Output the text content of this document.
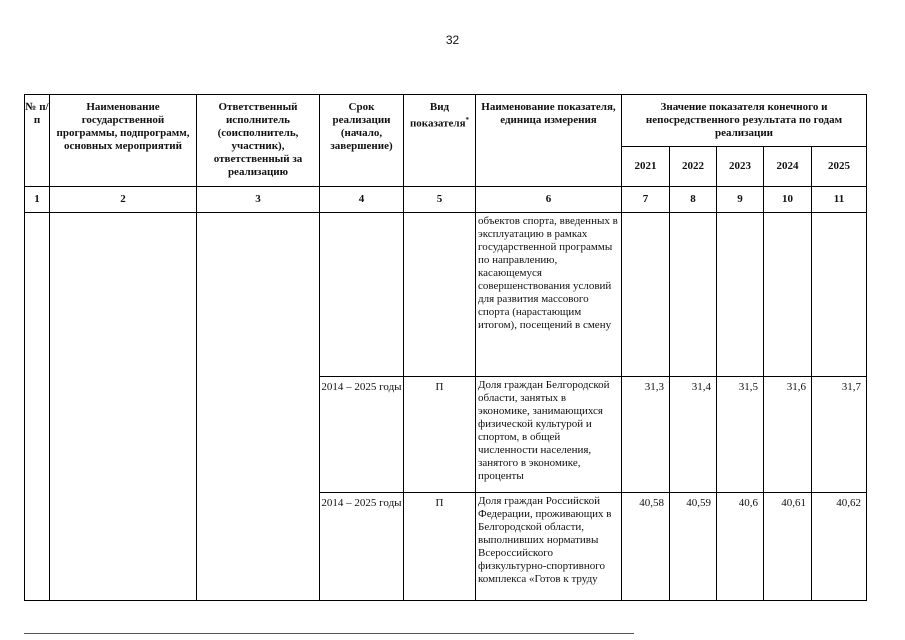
32
№ п/п	Наименование государственной программы, подпрограмм, основных мероприятий	Ответственный исполнитель (соисполнитель, участник), ответственный за реализацию	Срок реализации (начало, завершение)	Вид показателя*	Наименование показателя, единица измерения	Значение показателя конечного и непосредственного результата по годам реализации				
						2021	2022	2023	2024	2025
1	2	3	4	5	6	7	8	9	10	11
					объектов спорта, введенных в эксплуатацию в рамках государственной программы по направлению, касающемуся совершенствования условий для развития массового спорта (нарастающим итогом), посещений в смену					
			2014 – 2025 годы	П	Доля граждан Белгородской области, занятых в экономике, занимающихся физической культурой и спортом, в общей численности населения, занятого в экономике, проценты	31,3	31,4	31,5	31,6	31,7
			2014 – 2025 годы	П	Доля граждан Российской Федерации, проживающих в Белгородской области, выполнивших нормативы Всероссийского физкультурно-спортивного комплекса «Готов к труду	40,58	40,59	40,6	40,61	40,62
